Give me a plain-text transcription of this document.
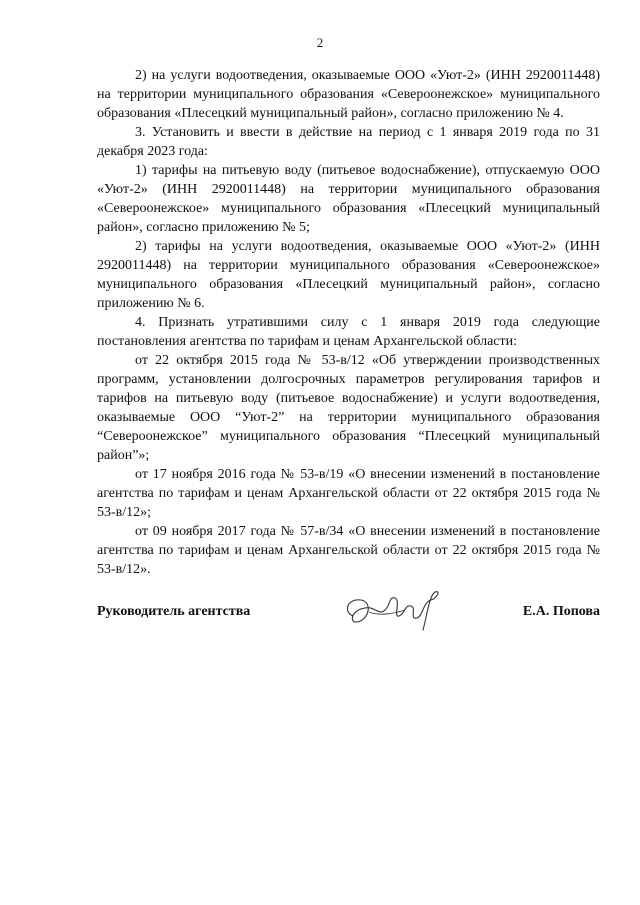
2

2) на услуги водоотведения, оказываемые ООО «Уют-2» (ИНН 2920011448) на территории муниципального образования «Североонежское» муниципального образования «Плесецкий муниципальный район», согласно приложению № 4.

3. Установить и ввести в действие на период с 1 января 2019 года по 31 декабря 2023 года:

1) тарифы на питьевую воду (питьевое водоснабжение), отпускаемую ООО «Уют-2» (ИНН 2920011448) на территории муниципального образования «Североонежское» муниципального образования «Плесецкий муниципальный район», согласно приложению № 5;

2) тарифы на услуги водоотведения, оказываемые ООО «Уют-2» (ИНН 2920011448) на территории муниципального образования «Североонежское» муниципального образования «Плесецкий муниципальный район», согласно приложению № 6.

4. Признать утратившими силу с 1 января 2019 года следующие постановления агентства по тарифам и ценам Архангельской области:

от 22 октября 2015 года № 53-в/12 «Об утверждении производственных программ, установлении долгосрочных параметров регулирования тарифов и тарифов на питьевую воду (питьевое водоснабжение) и услуги водоотведения, оказываемые ООО “Уют-2” на территории муниципального образования “Североонежское” муниципального образования “Плесецкий муниципальный район”»;

от 17 ноября 2016 года № 53-в/19 «О внесении изменений в постановление агентства по тарифам и ценам Архангельской области от 22 октября 2015 года № 53-в/12»;

от 09 ноября 2017 года № 57-в/34 «О внесении изменений в постановление агентства по тарифам и ценам Архангельской области от 22 октября 2015 года № 53-в/12».

Руководитель агентства	Е.А. Попова
